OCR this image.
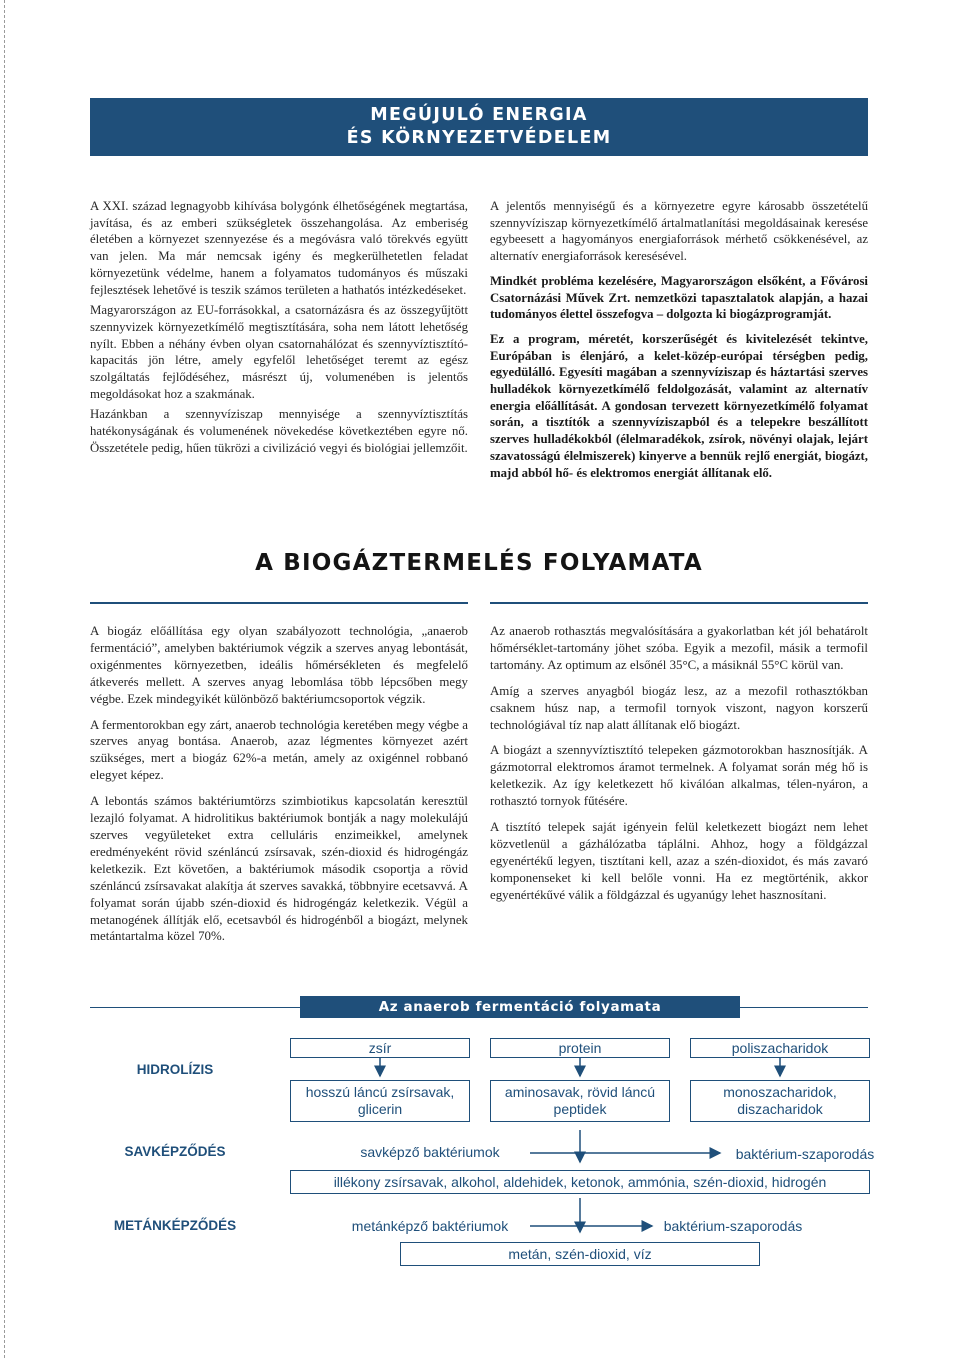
MEGÚJULÓ ENERGIA
ÉS KÖRNYEZETVÉDELEM

A XXI. század legnagyobb kihívása bolygónk élhetőségének megtartása, javítása, és az emberi szükségletek összehangolása. Az emberiség életében a környezet szennyezése és a megóvásra való törekvés együtt van jelen. Ma már nemcsak igény és megkerülhetetlen feladat környezetünk védelme, hanem a folyamatos tudományos és műszaki fejlesztések lehetővé is teszik számos területen a hathatós intézkedéseket.

Magyarországon az EU-forrásokkal, a csatornázásra és az összegyűjtött szennyvizek környezetkímélő megtisztítására, soha nem látott lehetőség nyílt. Ebben a néhány évben olyan csatornahálózat és szennyvíztisztító-kapacitás jön létre, amely egyfelől lehetőséget teremt az egész szolgáltatás fejlődéséhez, másrészt új, volumenében is jelentős megoldásokat hoz a szakmának.

Hazánkban a szennyvíziszap mennyisége a szennyvíztisztítás hatékonyságának és volumenének növekedése következtében egyre nő. Összetétele pedig, hűen tükrözi a civilizáció vegyi és biológiai jellemzőit.

A jelentős mennyiségű és a környezetre egyre károsabb összetételű szennyvíziszap környezetkímélő ártalmatlanítási megoldásainak keresése egybeesett a hagyományos energiaforrások mérhető csökkenésével, az alternatív energiaforrások keresésével.

Mindkét probléma kezelésére, Magyarországon elsőként, a Fővárosi Csatornázási Művek Zrt. nemzetközi tapasztalatok alapján, a hazai tudományos élettel összefogva – dolgozta ki biogázprogramját.

Ez a program, méretét, korszerűségét és kivitelezését tekintve, Európában is élenjáró, a kelet-közép-európai térségben pedig, egyedülálló. Egyesíti magában a szennyvíziszap és háztartási szerves hulladékok környezetkímélő feldolgozását, valamint az alternatív energia előállítását. A gondosan tervezett környezetkímélő folyamat során, a tisztítók a szennyvíziszapból és a telepekre beszállított szerves hulladékokból (élelmaradékok, zsírok, növényi olajak, lejárt szavatosságú élelmiszerek) kinyerve a bennük rejlő energiát, biogázt, majd abból hő- és elektromos energiát állítanak elő.

A BIOGÁZTERMELÉS FOLYAMATA

A biogáz előállítása egy olyan szabályozott technológia, „anaerob fermentáció”, amelyben baktériumok végzik a szerves anyag lebontását, oxigénmentes környezetben, ideális hőmérsékleten és megfelelő átkeverés mellett. A szerves anyag lebomlása több lépcsőben megy végbe. Ezek mindegyikét különböző baktériumcsoportok végzik.

A fermentorokban egy zárt, anaerob technológia keretében megy végbe a szerves anyag bontása. Anaerob, azaz légmentes környezet azért szükséges, mert a biogáz 62%-a metán, amely az oxigénnel robbanó elegyet képez.

A lebontás számos baktériumtörzs szimbiotikus kapcsolatán keresztül lezajló folyamat. A hidrolitikus baktériumok bontják a nagy molekulájú szerves vegyületeket extra celluláris enzimeikkel, amelynek eredményeként rövid szénláncú zsírsavak, szén-dioxid és hidrogéngáz keletkezik. Ezt követően, a baktériumok második csoportja a rövid szénláncú zsírsavakat alakítja át szerves savakká, többnyire ecetsavvá. A folyamat során újabb szén-dioxid és hidrogéngáz keletkezik. Végül a metanogének állítják elő, ecetsavból és hidrogénből a biogázt, melynek metántartalma közel 70%.

Az anaerob rothasztás megvalósítására a gyakorlatban két jól behatárolt hőmérséklet-tartomány jöhet szóba. Egyik a mezofil, másik a termofil tartomány. Az optimum az elsőnél 35°C, a másiknál 55°C körül van.

Amíg a szerves anyagból biogáz lesz, az a mezofil rothasztókban csaknem húsz nap, a termofil tornyok viszont, nagyon korszerű technológiával tíz nap alatt állítanak elő biogázt.

A biogázt a szennyvíztisztító telepeken gázmotorokban hasznosítják. A gázmotorral elektromos áramot termelnek. A folyamat során még hő is keletkezik. Az így keletkezett hő kiválóan alkalmas, télen-nyáron, a rothasztó tornyok fűtésére.

A tisztító telepek saját igényein felül keletkezett biogázt nem lehet közvetlenül a gázhálózatba táplálni. Ahhoz, hogy a földgázzal egyenértékű legyen, tisztítani kell, azaz a szén-dioxidot, és más zavaró komponenseket ki kell belőle vonni. Ha ez megtörténik, akkor egyenértékűvé válik a földgázzal és ugyanúgy lehet hasznosítani.

Az anaerob fermentáció folyamata
HIDROLÍZIS
SAVKÉPZŐDÉS
METÁNKÉPZŐDÉS
zsír	protein	poliszacharidok
hosszú láncú zsírsavak, glicerin
aminosavak, rövid láncú peptidek
monoszacharidok, diszacharidok
savképző baktériumok	baktérium-szaporodás
illékony zsírsavak, alkohol, aldehidek, ketonok, ammónia, szén-dioxid, hidrogén
metánképző baktériumok	baktérium-szaporodás
metán, szén-dioxid, víz
